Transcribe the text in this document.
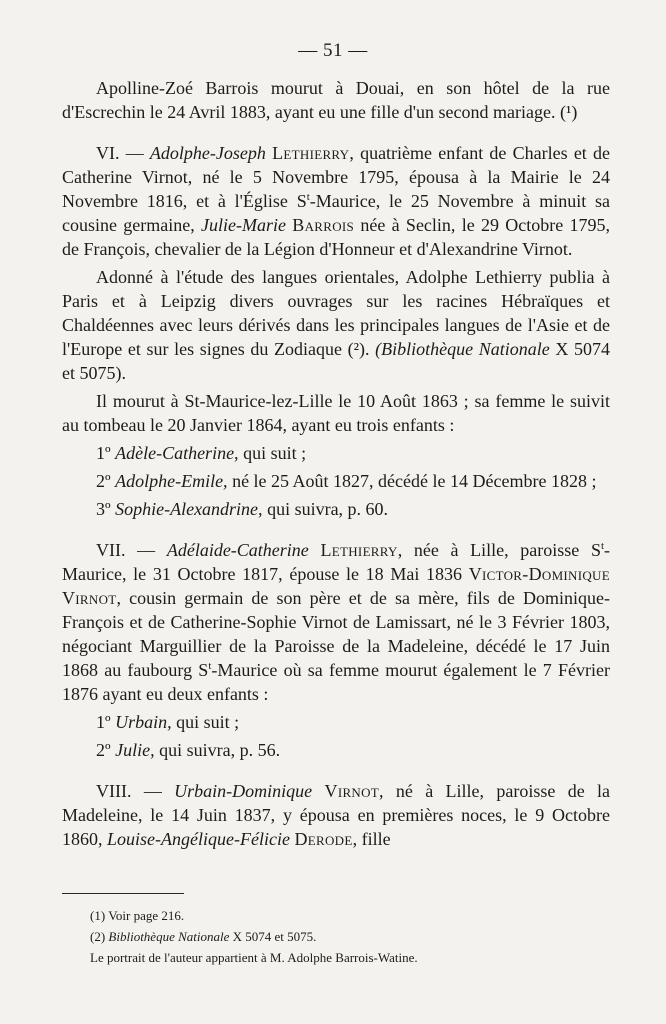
— 51 —

Apolline-Zoé Barrois mourut à Douai, en son hôtel de la rue d'Escrechin le 24 Avril 1883, ayant eu une fille d'un second mariage. (¹)

VI. — Adolphe-Joseph Lethierry, quatrième enfant de Charles et de Catherine Virnot, né le 5 Novembre 1795, épousa à la Mairie le 24 Novembre 1816, et à l'Église $S^t$-Maurice, le 25 Novembre à minuit sa cousine germaine, Julie-Marie Barrois née à Seclin, le 29 Octobre 1795, de François, chevalier de la Légion d'Honneur et d'Alexandrine Virnot.

Adonné à l'étude des langues orientales, Adolphe Lethierry publia à Paris et à Leipzig divers ouvrages sur les racines Hébraïques et Chaldéennes avec leurs dérivés dans les principales langues de l'Asie et de l'Europe et sur les signes du Zodiaque (²). (Bibliothèque Nationale X 5074 et 5075).

Il mourut à St-Maurice-lez-Lille le 10 Août 1863 ; sa femme le suivit au tombeau le 20 Janvier 1864, ayant eu trois enfants :

1º Adèle-Catherine, qui suit ;

2º Adolphe-Emile, né le 25 Août 1827, décédé le 14 Décembre 1828 ;

3º Sophie-Alexandrine, qui suivra, p. 60.

VII. — Adélaide-Catherine Lethierry, née à Lille, paroisse $S^t$-Maurice, le 31 Octobre 1817, épouse le 18 Mai 1836 Victor-Dominique Virnot, cousin germain de son père et de sa mère, fils de Dominique-François et de Catherine-Sophie Virnot de Lamissart, né le 3 Février 1803, négociant Marguillier de la Paroisse de la Madeleine, décédé le 17 Juin 1868 au faubourg $S^t$-Maurice où sa femme mourut également le 7 Février 1876 ayant eu deux enfants :

1º Urbain, qui suit ;

2º Julie, qui suivra, p. 56.

VIII. — Urbain-Dominique Virnot, né à Lille, paroisse de la Madeleine, le 14 Juin 1837, y épousa en premières noces, le 9 Octobre 1860, Louise-Angélique-Félicie Derode, fille

(1) Voir page 216.

(2) Bibliothèque Nationale X 5074 et 5075.

Le portrait de l'auteur appartient à M. Adolphe Barrois-Watine.
